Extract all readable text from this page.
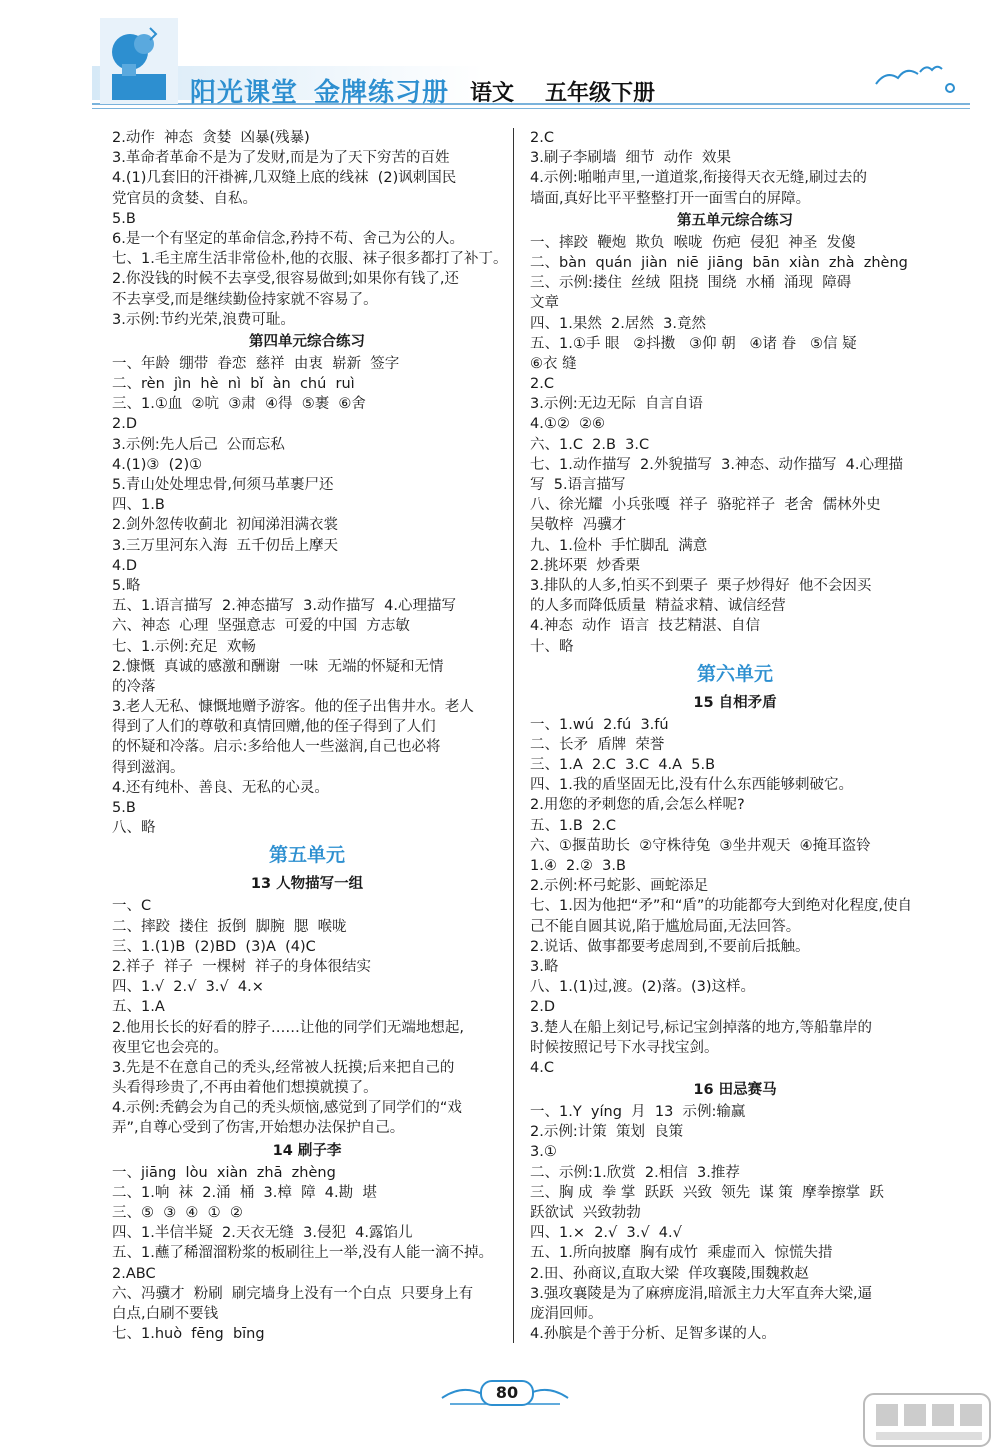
阳光课堂 金牌练习册 语文 五年级下册
2.动作  神态  贪婪  凶暴(残暴)
3.革命者革命不是为了发财,而是为了天下穷苦的百姓
4.(1)几套旧的汗褂裤,几双缝上底的线袜  (2)讽刺国民
党官员的贪婪、自私。
5.B
6.是一个有坚定的革命信念,矜持不苟、舍己为公的人。
七、1.毛主席生活非常俭朴,他的衣服、袜子很多都打了补丁。
2.你没钱的时候不去享受,很容易做到;如果你有钱了,还
不去享受,而是继续勤俭持家就不容易了。
3.示例:节约光荣,浪费可耻。
第四单元综合练习
一、年龄  绷带  眷恋  慈祥  由衷  崭新  签字
二、rèn  jìn  hè  nì  bǐ  àn  chú  ruì
三、1.①血  ②吭  ③肃  ④得  ⑤裹  ⑥舍
2.D
3.示例:先人后己  公而忘私
4.(1)③  (2)①
5.青山处处埋忠骨,何须马革裹尸还
四、1.B
2.剑外忽传收蓟北  初闻涕泪满衣裳
3.三万里河东入海  五千仞岳上摩天
4.D
5.略
五、1.语言描写  2.神态描写  3.动作描写  4.心理描写
六、神态  心理  坚强意志  可爱的中国  方志敏
七、1.示例:充足  欢畅
2.慷慨  真诚的感激和酬谢  一味  无端的怀疑和无情
的冷落
3.老人无私、慷慨地赠予游客。他的侄子出售井水。老人
得到了人们的尊敬和真情回赠,他的侄子得到了人们
的怀疑和冷落。启示:多给他人一些滋润,自己也必将
得到滋润。
4.还有纯朴、善良、无私的心灵。
5.B
八、略
第五单元
13 人物描写一组
一、C
二、摔跤  搂住  扳倒  脚腕  腮  喉咙
三、1.(1)B  (2)BD  (3)A  (4)C
2.祥子  祥子  一棵树  祥子的身体很结实
四、1.√  2.√  3.√  4.×
五、1.A
2.他用长长的好看的脖子……让他的同学们无端地想起,
夜里它也会亮的。
3.先是不在意自己的秃头,经常被人抚摸;后来把自己的
头看得珍贵了,不再由着他们想摸就摸了。
4.示例:秃鹤会为自己的秃头烦恼,感觉到了同学们的“戏
弄”,自尊心受到了伤害,开始想办法保护自己。
14 刷子李
一、jiāng  lòu  xiàn  zhā  zhèng
二、1.响  袜  2.涌  桶  3.樟  障  4.勘  堪
三、⑤  ③  ④  ①  ②
四、1.半信半疑  2.天衣无缝  3.侵犯  4.露馅儿
五、1.蘸了稀溜溜粉浆的板刷往上一举,没有人能一滴不掉。
2.ABC
六、冯骥才  粉刷  刷完墙身上没有一个白点  只要身上有
白点,白刷不要钱
七、1.huò  fēng  bīng
2.C
3.刷子李刷墙  细节  动作  效果
4.示例:啪啪声里,一道道浆,衔接得天衣无缝,刷过去的
墙面,真好比平平整整打开一面雪白的屏障。
第五单元综合练习
一、摔跤  鞭炮  欺负  喉咙  伤疤  侵犯  神圣  发傻
二、bàn  quán  jiàn  niē  jiāng  bān  xiàn  zhà  zhèng
三、示例:搂住  丝绒  阻挠  围绕  水桶  涌现  障碍
文章
四、1.果然  2.居然  3.竟然
五、1.①手 眼   ②抖擞   ③仰 朝   ④诸 眷   ⑤信 疑
⑥衣 缝
2.C
3.示例:无边无际  自言自语
4.①②  ②⑥
六、1.C  2.B  3.C
七、1.动作描写  2.外貌描写  3.神态、动作描写  4.心理描
写  5.语言描写
八、徐光耀  小兵张嘎  祥子  骆驼祥子  老舍  儒林外史
吴敬梓  冯骥才
九、1.俭朴  手忙脚乱  满意
2.挑坏栗  炒香栗
3.排队的人多,怕买不到栗子  栗子炒得好  他不会因买
的人多而降低质量  精益求精、诚信经营
4.神态  动作  语言  技艺精湛、自信
十、略
第六单元
15 自相矛盾
一、1.wú  2.fú  3.fú
二、长矛  盾牌  荣誉
三、1.A  2.C  3.C  4.A  5.B
四、1.我的盾坚固无比,没有什么东西能够刺破它。
2.用您的矛刺您的盾,会怎么样呢?
五、1.B  2.C
六、①揠苗助长  ②守株待兔  ③坐井观天  ④掩耳盗铃
1.④  2.②  3.B
2.示例:杯弓蛇影、画蛇添足
七、1.因为他把“矛”和“盾”的功能都夸大到绝对化程度,使自
己不能自圆其说,陷于尴尬局面,无法回答。
2.说话、做事都要考虑周到,不要前后抵触。
3.略
八、1.(1)过,渡。(2)落。(3)这样。
2.D
3.楚人在船上刻记号,标记宝剑掉落的地方,等船靠岸的
时候按照记号下水寻找宝剑。
4.C
16 田忌赛马
一、1.Y  yíng  月  13  示例:输赢
2.示例:计策  策划  良策
3.①
二、示例:1.欣赏  2.相信  3.推荐
三、胸 成  拳 掌  跃跃  兴致  领先  谋 策  摩拳擦掌  跃
跃欲试  兴致勃勃
四、1.×  2.√  3.√  4.√
五、1.所向披靡  胸有成竹  乘虚而入  惊慌失措
2.田、孙商议,直取大梁  佯攻襄陵,围魏救赵
3.强攻襄陵是为了麻痹庞涓,暗派主力大军直奔大梁,逼
庞涓回师。
4.孙膑是个善于分析、足智多谋的人。
80
